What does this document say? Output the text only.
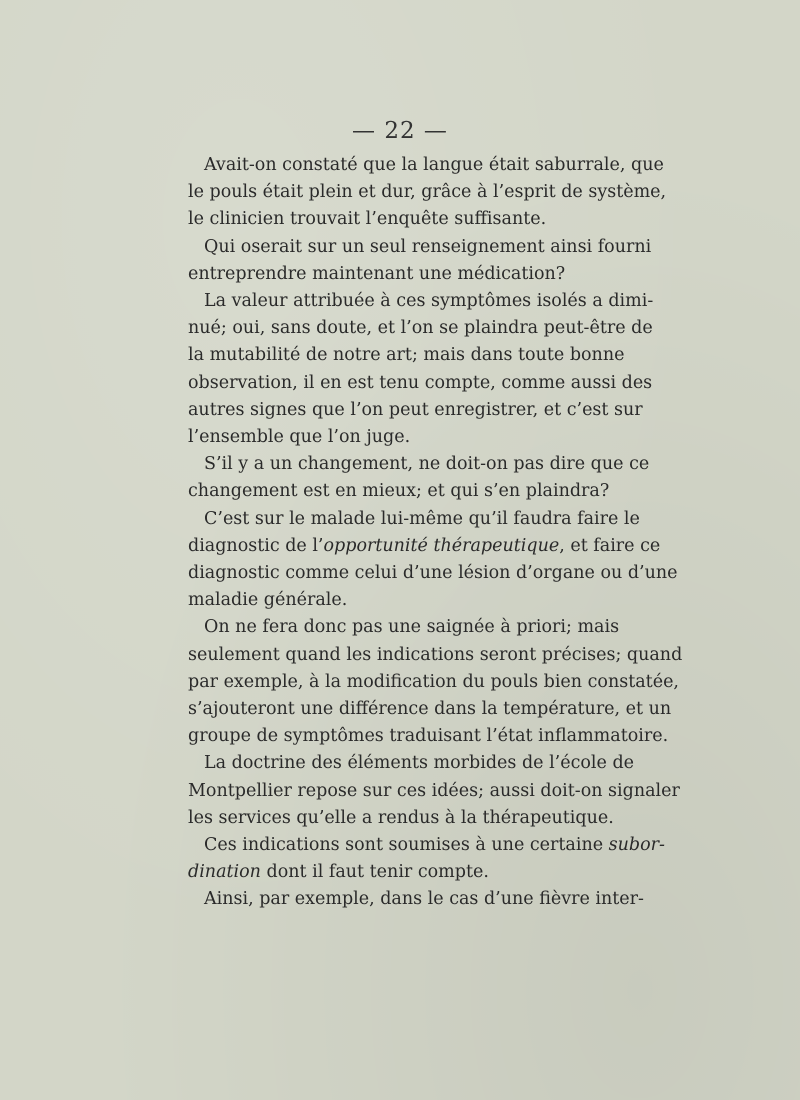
— 22 —

Avait-on constaté que la langue était saburrale, que
le pouls était plein et dur, grâce à l’esprit de système,
le clinicien trouvait l’enquête suffisante.

Qui oserait sur un seul renseignement ainsi fourni
entreprendre maintenant une médication?

La valeur attribuée à ces symptômes isolés a dimi-
nué; oui, sans doute, et l’on se plaindra peut-être de
la mutabilité de notre art; mais dans toute bonne
observation, il en est tenu compte, comme aussi des
autres signes que l’on peut enregistrer, et c’est sur
l’ensemble que l’on juge.

S’il y a un changement, ne doit-on pas dire que ce
changement est en mieux; et qui s’en plaindra?

C’est sur le malade lui-même qu’il faudra faire le
diagnostic de l’opportunité thérapeutique, et faire ce
diagnostic comme celui d’une lésion d’organe ou d’une
maladie générale.

On ne fera donc pas une saignée à priori; mais
seulement quand les indications seront précises; quand
par exemple, à la modification du pouls bien constatée,
s’ajouteront une différence dans la température, et un
groupe de symptômes traduisant l’état inflammatoire.

La doctrine des éléments morbides de l’école de
Montpellier repose sur ces idées; aussi doit-on signaler
les services qu’elle a rendus à la thérapeutique.

Ces indications sont soumises à une certaine subor-
dination dont il faut tenir compte.

Ainsi, par exemple, dans le cas d’une fièvre inter-
